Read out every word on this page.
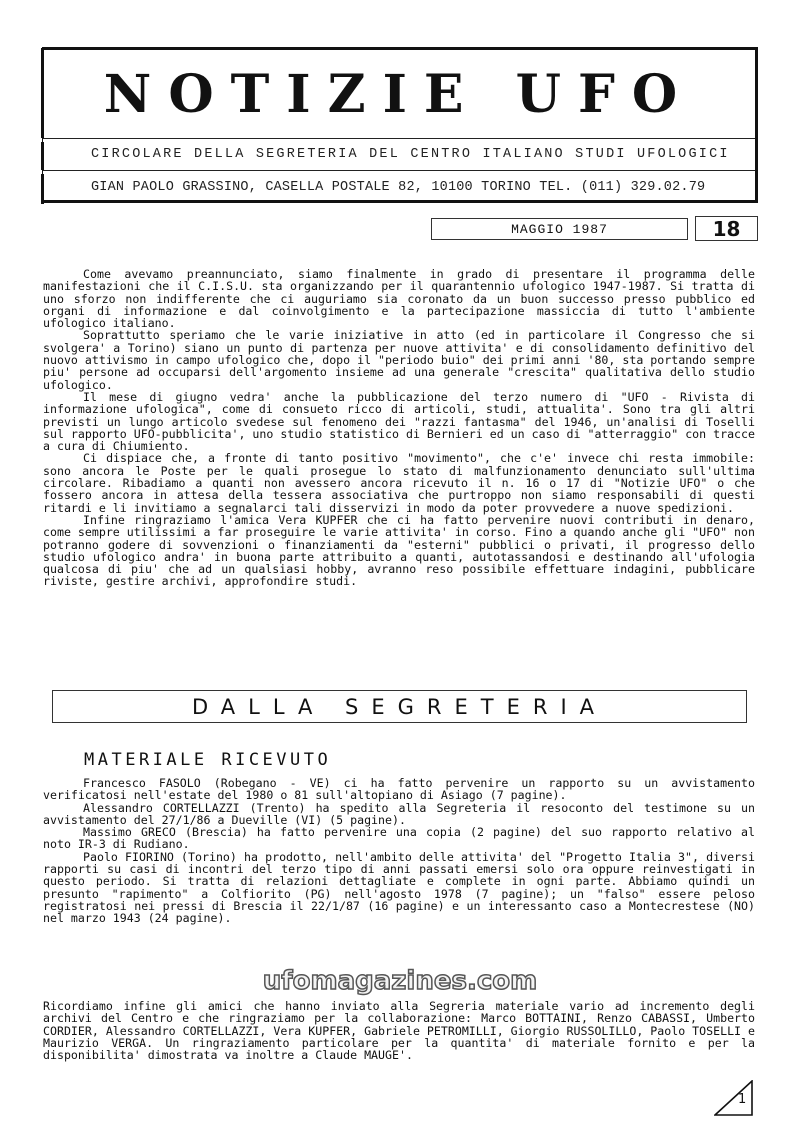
NOTIZIE UFO
CIRCOLARE DELLA SEGRETERIA DEL CENTRO ITALIANO STUDI UFOLOGICI
GIAN PAOLO GRASSINO, CASELLA POSTALE 82, 10100 TORINO TEL. (011) 329.02.79
MAGGIO 1987	18

Come avevamo preannunciato, siamo finalmente in grado di presentare il programma delle manifestazioni che il C.I.S.U. sta organizzando per il quarantennio ufologico 1947-1987. Si tratta di uno sforzo non indifferente che ci auguriamo sia coronato da un buon successo presso pubblico ed organi di informazione e dal coinvolgimento e la partecipazione massiccia di tutto l'ambiente ufologico italiano.

Soprattutto speriamo che le varie iniziative in atto (ed in particolare il Congresso che si svolgera' a Torino) siano un punto di partenza per nuove attivita' e di consolidamento definitivo del nuovo attivismo in campo ufologico che, dopo il "periodo buio" dei primi anni '80, sta portando sempre piu' persone ad occuparsi dell'argomento insieme ad una generale "crescita" qualitativa dello studio ufologico.

Il mese di giugno vedra' anche la pubblicazione del terzo numero di "UFO - Rivista di informazione ufologica", come di consueto ricco di articoli, studi, attualita'. Sono tra gli altri previsti un lungo articolo svedese sul fenomeno dei "razzi fantasma" del 1946, un'analisi di Toselli sul rapporto UFO-pubblicita', uno studio statistico di Bernieri ed un caso di "atterraggio" con tracce a cura di Chiumiento.

Ci dispiace che, a fronte di tanto positivo "movimento", che c'e' invece chi resta immobile: sono ancora le Poste per le quali prosegue lo stato di malfunzionamento denunciato sull'ultima circolare. Ribadiamo a quanti non avessero ancora ricevuto il n. 16 o 17 di "Notizie UFO" o che fossero ancora in attesa della tessera associativa che purtroppo non siamo responsabili di questi ritardi e li invitiamo a segnalarci tali disservizi in modo da poter provvedere a nuove spedizioni.

Infine ringraziamo l'amica Vera KUPFER che ci ha fatto pervenire nuovi contributi in denaro, come sempre utilissimi a far proseguire le varie attivita' in corso. Fino a quando anche gli "UFO" non potranno godere di sovvenzioni o finanziamenti da "esterni" pubblici o privati, il progresso dello studio ufologico andra' in buona parte attribuito a quanti, autotassandosi e destinando all'ufologia qualcosa di piu' che ad un qualsiasi hobby, avranno reso possibile effettuare indagini, pubblicare riviste, gestire archivi, approfondire studi.

DALLA SEGRETERIA
MATERIALE RICEVUTO

Francesco FASOLO (Robegano - VE) ci ha fatto pervenire un rapporto su un avvistamento verificatosi nell'estate del 1980 o 81 sull'altopiano di Asiago (7 pagine).

Alessandro CORTELLAZZI (Trento) ha spedito alla Segreteria il resoconto del testimone su un avvistamento del 27/1/86 a Dueville (VI) (5 pagine).

Massimo GRECO (Brescia) ha fatto pervenire una copia (2 pagine) del suo rapporto relativo al noto IR-3 di Rudiano.

Paolo FIORINO (Torino) ha prodotto, nell'ambito delle attivita' del "Progetto Italia 3", diversi rapporti su casi di incontri del terzo tipo di anni passati emersi solo ora oppure reinvestigati in questo periodo. Si tratta di relazioni dettagliate e complete in ogni parte. Abbiamo quindi un presunto "rapimento" a Colfiorito (PG) nell'agosto 1978 (7 pagine); un "falso" essere peloso registratosi nei pressi di Brescia il 22/1/87 (16 pagine) e un interessanto caso a Montecrestese (NO) nel marzo 1943 (24 pagine).

ufomagazines.com

Ricordiamo infine gli amici che hanno inviato alla Segreria materiale vario ad incremento degli archivi del Centro e che ringraziamo per la collaborazione: Marco BOTTAINI, Renzo CABASSI, Umberto CORDIER, Alessandro CORTELLAZZI, Vera KUPFER, Gabriele PETROMILLI, Giorgio RUSSOLILLO, Paolo TOSELLI e Maurizio VERGA. Un ringraziamento particolare per la quantita' di materiale fornito e per la disponibilita' dimostrata va inoltre a Claude MAUGE'.

1
